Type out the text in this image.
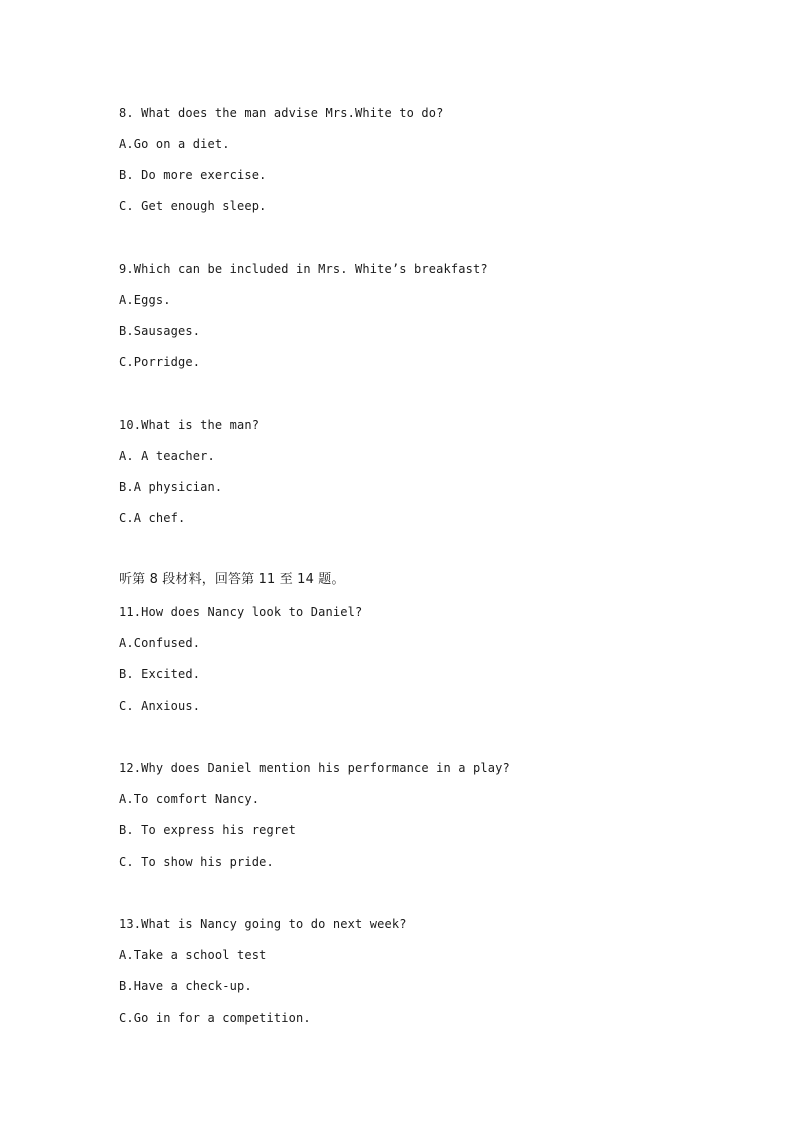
8. What does the man advise Mrs.White to do?
A.Go on a diet.
B. Do more exercise.
C. Get enough sleep.
9.Which can be included in Mrs. White’s breakfast?
A.Eggs.
B.Sausages.
C.Porridge.
10.What is the man?
A. A teacher.
B.A physician.
C.A chef.
听第 8 段材料，回答第 11 至 14 题。
11.How does Nancy look to Daniel?
A.Confused.
B. Excited.
C. Anxious.
12.Why does Daniel mention his performance in a play?
A.To comfort Nancy.
B. To express his regret
C. To show his pride.
13.What is Nancy going to do next week?
A.Take a school test
B.Have a check-up.
C.Go in for a competition.
